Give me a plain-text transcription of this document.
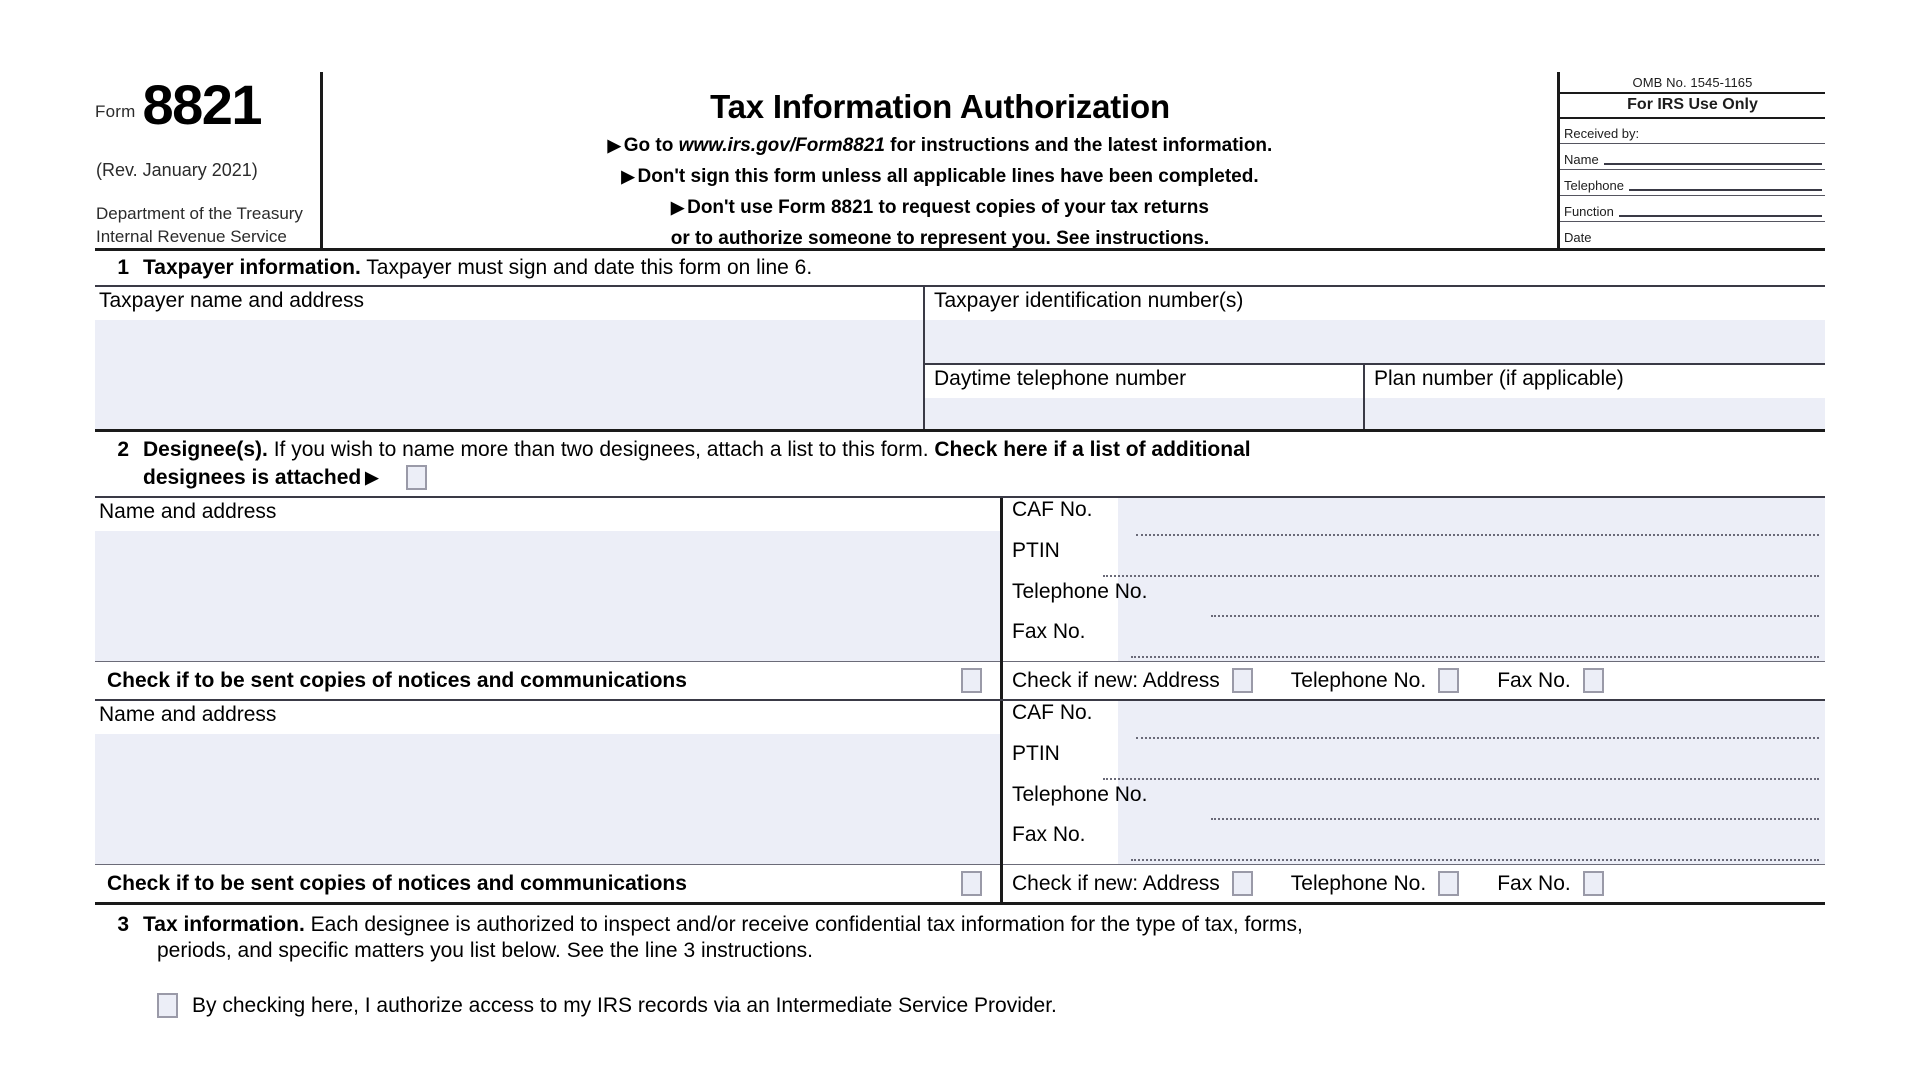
Form 8821
(Rev. January 2021)
Department of the Treasury
Internal Revenue Service
Tax Information Authorization
▶ Go to www.irs.gov/Form8821 for instructions and the latest information.
▶ Don't sign this form unless all applicable lines have been completed.
▶ Don't use Form 8821 to request copies of your tax returns
or to authorize someone to represent you. See instructions.
OMB No. 1545-1165
For IRS Use Only
Received by:
Name
Telephone
Function
Date
1 Taxpayer information. Taxpayer must sign and date this form on line 6.
Taxpayer name and address	Taxpayer identification number(s)
Daytime telephone number	Plan number (if applicable)
2 Designee(s). If you wish to name more than two designees, attach a list to this form. Check here if a list of additional
designees is attached ▶
Name and address
Check if to be sent copies of notices and communications
CAF No.
PTIN
Telephone No.
Fax No.
Check if new: Address	Telephone No.	Fax No.
Name and address
Check if to be sent copies of notices and communications
CAF No.
PTIN
Telephone No.
Fax No.
Check if new: Address	Telephone No.	Fax No.
3 Tax information. Each designee is authorized to inspect and/or receive confidential tax information for the type of tax, forms,
periods, and specific matters you list below. See the line 3 instructions.
By checking here, I authorize access to my IRS records via an Intermediate Service Provider.
